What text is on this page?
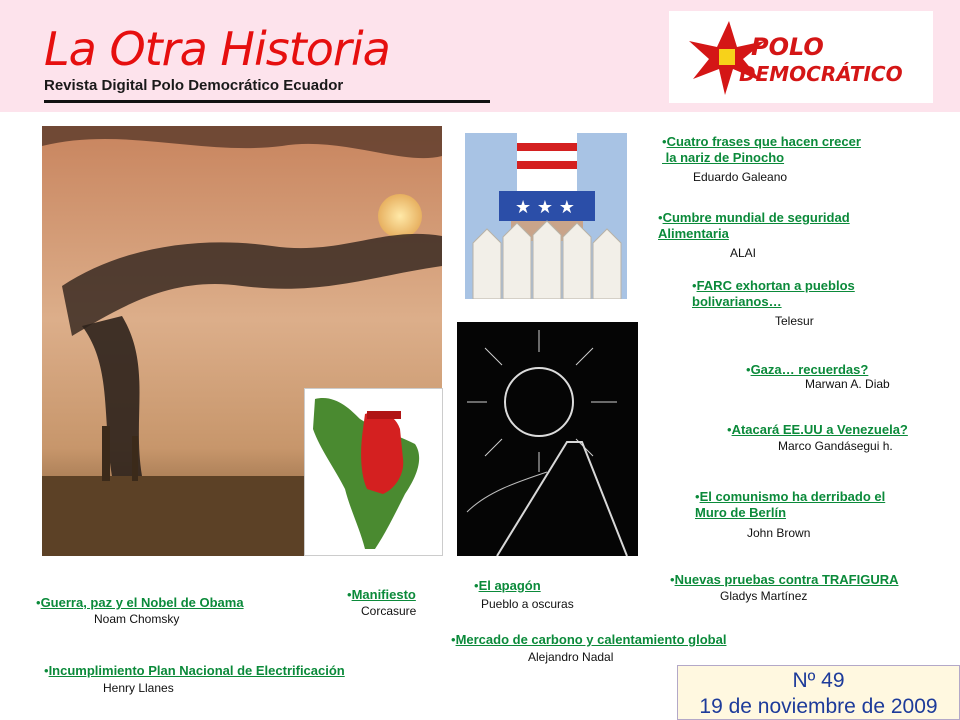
La Otra Historia
Revista Digital Polo Democrático Ecuador
POLO
DEMOCRÁTICO
★ ★ ★
•Cuatro frases que hacen crecer
la nariz de Pinocho
Eduardo Galeano
•Cumbre mundial de seguridad
Alimentaria
ALAI
•FARC exhortan a pueblos
bolivarianos…
Telesur
•Gaza… recuerdas?
Marwan A. Diab
•Atacará EE.UU a Venezuela?
Marco Gandásegui h.
•El comunismo ha derribado el
Muro de Berlín
John Brown
•Nuevas pruebas contra TRAFIGURA
Gladys Martínez
•Guerra, paz y el Nobel de Obama
Noam Chomsky
•Manifiesto
Corcasure
•El apagón
Pueblo a oscuras
•Mercado de carbono y calentamiento global
Alejandro Nadal
•Incumplimiento Plan Nacional de Electrificación
Henry Llanes	Nº 49
19 de noviembre de 2009
